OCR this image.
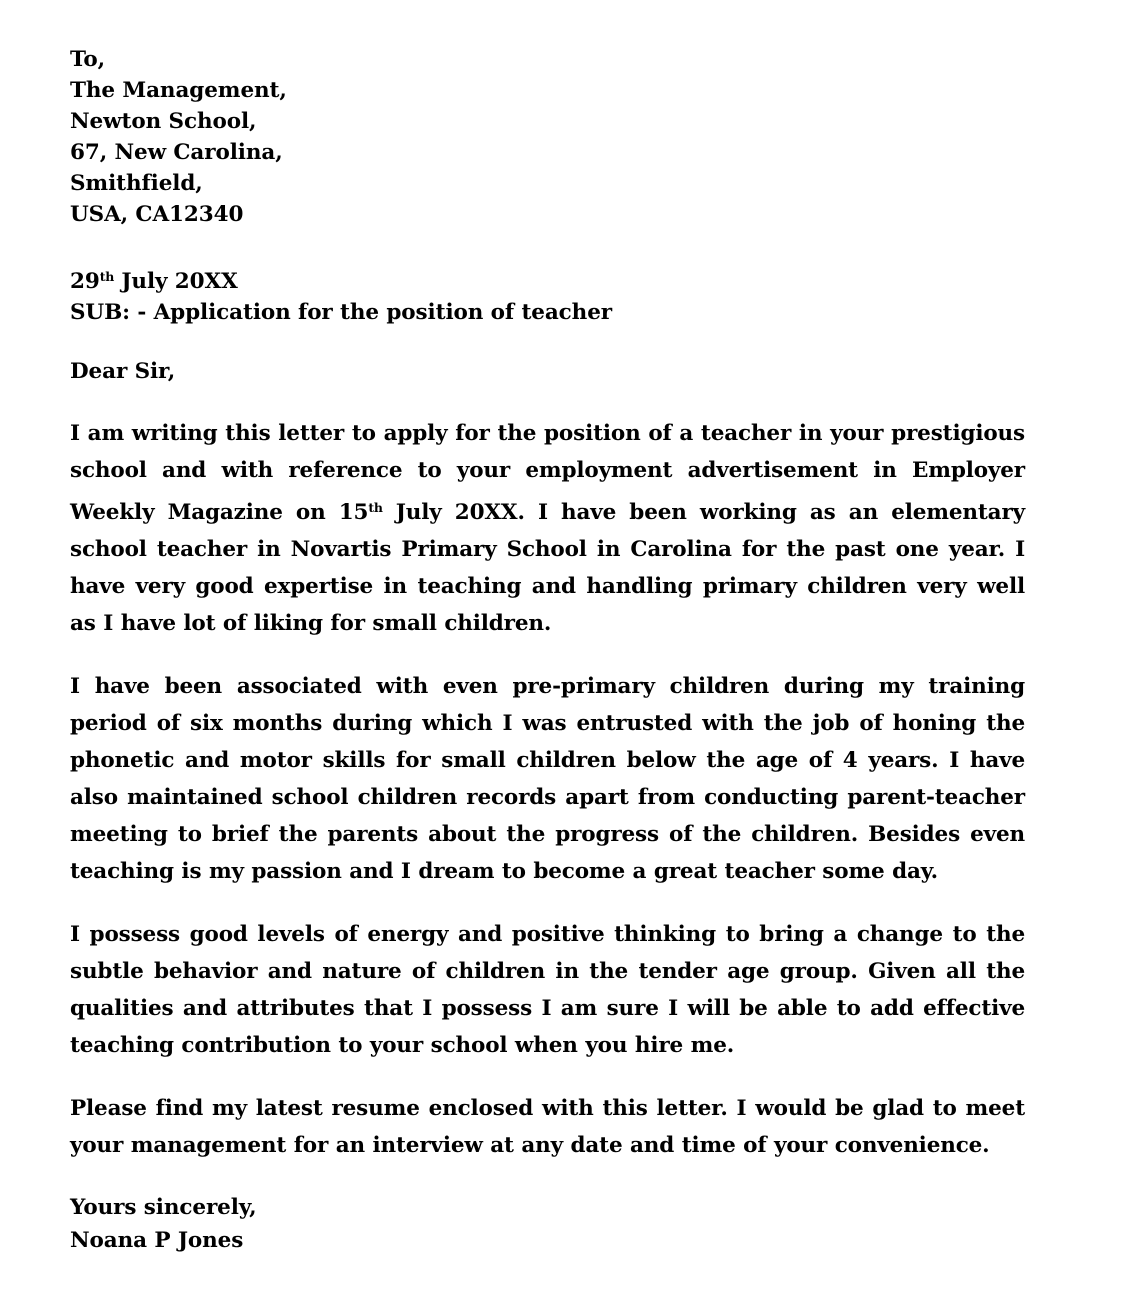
To,
The Management,
Newton School,
67, New Carolina,
Smithfield,
USA, CA12340
29th July 20XX
SUB: - Application for the position of teacher
Dear Sir,

I am writing this letter to apply for the position of a teacher in your prestigious school and with reference to your employment advertisement in Employer Weekly Magazine on 15th July 20XX. I have been working as an elementary school teacher in Novartis Primary School in Carolina for the past one year. I have very good expertise in teaching and handling primary children very well as I have lot of liking for small children.

I have been associated with even pre-primary children during my training period of six months during which I was entrusted with the job of honing the phonetic and motor skills for small children below the age of 4 years. I have also maintained school children records apart from conducting parent-teacher meeting to brief the parents about the progress of the children. Besides even teaching is my passion and I dream to become a great teacher some day.

I possess good levels of energy and positive thinking to bring a change to the subtle behavior and nature of children in the tender age group. Given all the qualities and attributes that I possess I am sure I will be able to add effective teaching contribution to your school when you hire me.

Please find my latest resume enclosed with this letter. I would be glad to meet your management for an interview at any date and time of your convenience.

Yours sincerely,
Noana P Jones
